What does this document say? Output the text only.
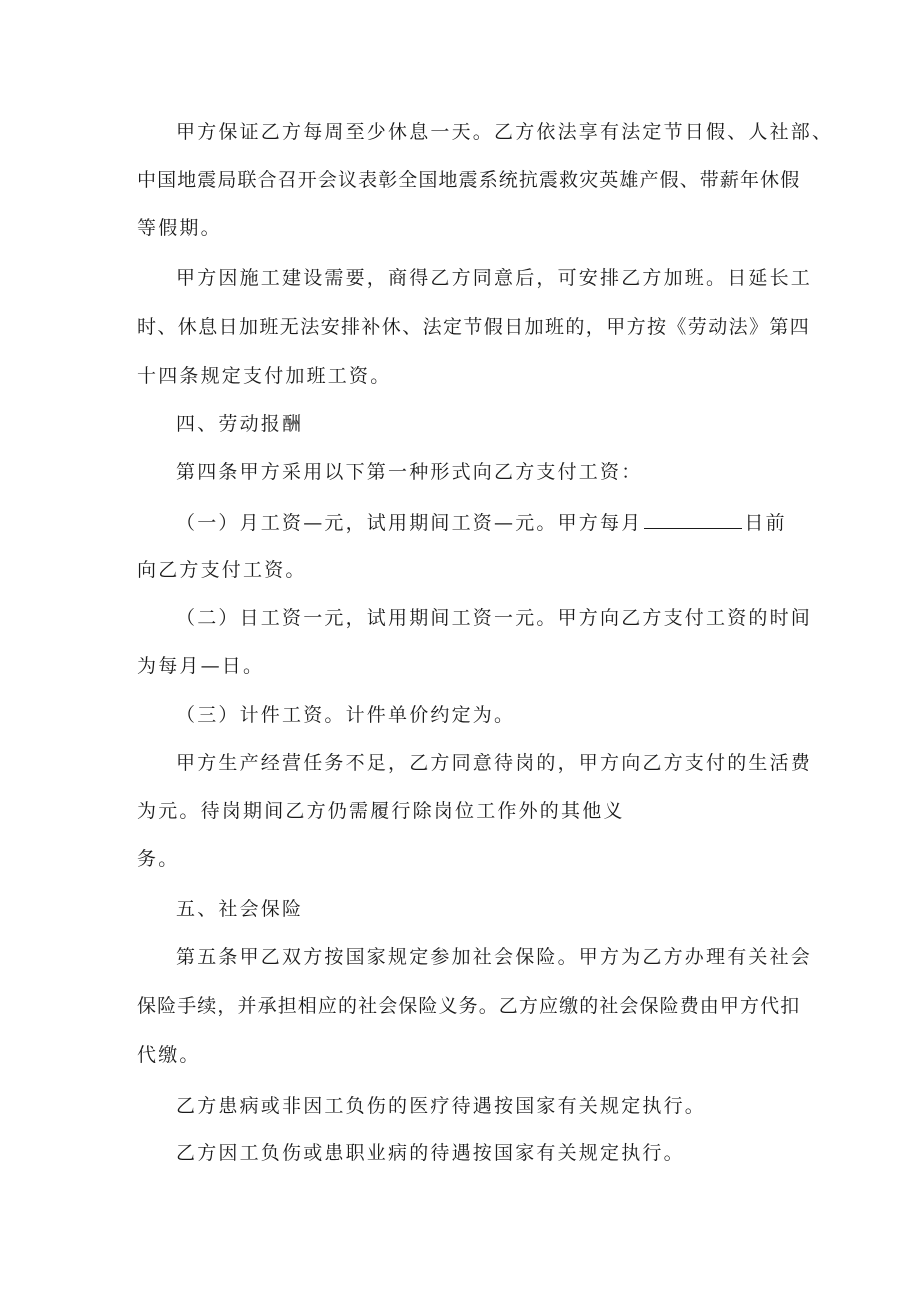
甲方保证乙方每周至少休息一天。乙方依法享有法定节日假、人社部、
中国地震局联合召开会议表彰全国地震系统抗震救灾英雄产假、带薪年休假
等假期。
甲方因施工建设需要，商得乙方同意后，可安排乙方加班。日延长工
时、休息日加班无法安排补休、法定节假日加班的，甲方按《劳动法》第四
十四条规定支付加班工资。
四、劳动报酬
第四条甲方采用以下第一种形式向乙方支付工资：
（一）月工资—元，试用期间工资—元。甲方每月	日前
向乙方支付工资。
（二）日工资一元，试用期间工资一元。甲方向乙方支付工资的时间
为每月—日。
（三）计件工资。计件单价约定为。
甲方生产经营任务不足，乙方同意待岗的，甲方向乙方支付的生活费
为元。待岗期间乙方仍需履行除岗位工作外的其他义
务。
五、社会保险
第五条甲乙双方按国家规定参加社会保险。甲方为乙方办理有关社会
保险手续，并承担相应的社会保险义务。乙方应缴的社会保险费由甲方代扣
代缴。
乙方患病或非因工负伤的医疗待遇按国家有关规定执行。
乙方因工负伤或患职业病的待遇按国家有关规定执行。
